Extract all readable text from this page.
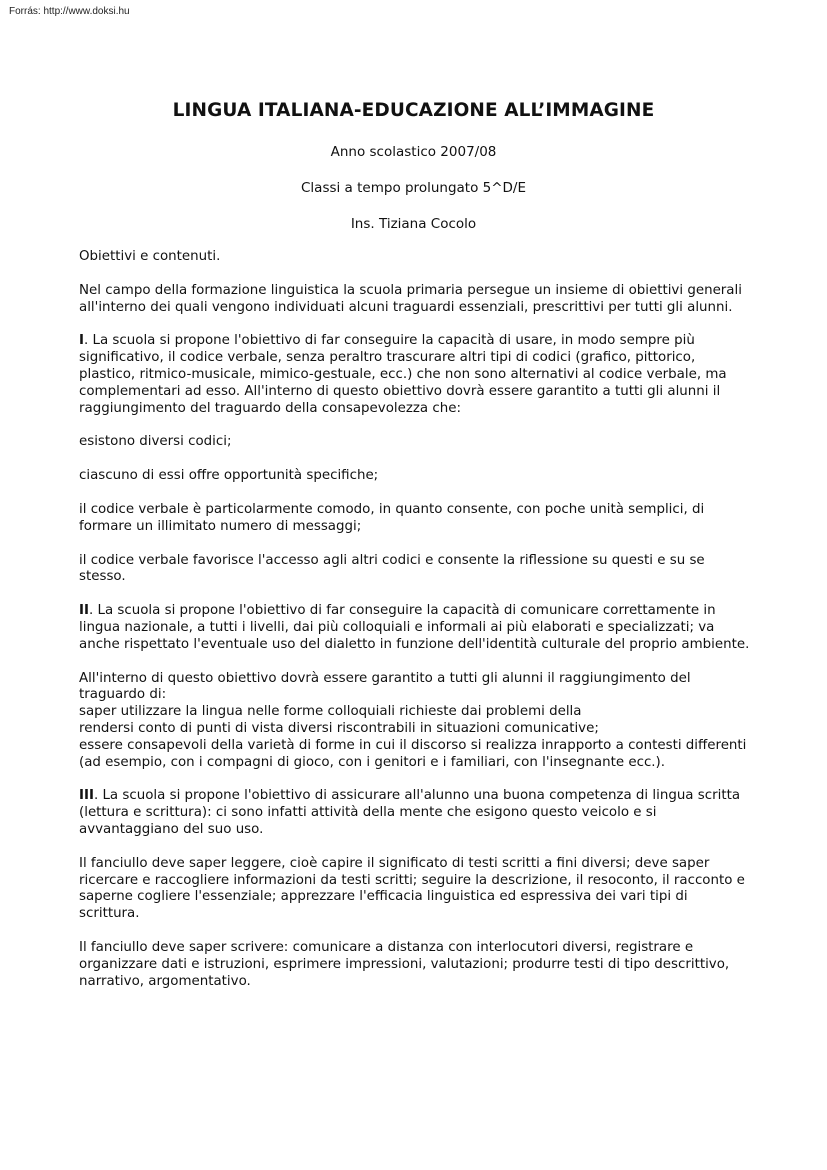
Forrás: http://www.doksi.hu
LINGUA ITALIANA-EDUCAZIONE ALL’IMMAGINE
Anno scolastico 2007/08
Classi a tempo prolungato 5^D/E
Ins. Tiziana Cocolo

Obiettivi e contenuti.

Nel campo della formazione linguistica la scuola primaria persegue un insieme di obiettivi generali all'interno dei quali vengono individuati alcuni traguardi essenziali, prescrittivi per tutti gli alunni.

I. La scuola si propone l'obiettivo di far conseguire la capacità di usare, in modo sempre più significativo, il codice verbale, senza peraltro trascurare altri tipi di codici (grafico, pittorico, plastico, ritmico-musicale, mimico-gestuale, ecc.) che non sono alternativi al codice verbale, ma complementari ad esso. All'interno di questo obiettivo dovrà essere garantito a tutti gli alunni il raggiungimento del traguardo della consapevolezza che:

esistono diversi codici;

ciascuno di essi offre opportunità specifiche;

il codice verbale è particolarmente comodo, in quanto consente, con poche unità semplici, di formare un illimitato numero di messaggi;

il codice verbale favorisce l'accesso agli altri codici e consente la riflessione su questi e su se stesso.

II. La scuola si propone l'obiettivo di far conseguire la capacità di comunicare correttamente in lingua nazionale, a tutti i livelli, dai più colloquiali e informali ai più elaborati e specializzati; va anche rispettato l'eventuale uso del dialetto in funzione dell'identità culturale del proprio ambiente.

All'interno di questo obiettivo dovrà essere garantito a tutti gli alunni il raggiungimento del traguardo di:
saper utilizzare la lingua nelle forme colloquiali richieste dai problemi della
rendersi conto di punti di vista diversi riscontrabili in situazioni comunicative;
essere consapevoli della varietà di forme in cui il discorso si realizza inrapporto a contesti differenti (ad esempio, con i compagni di gioco, con i genitori e i familiari, con l'insegnante ecc.).

III. La scuola si propone l'obiettivo di assicurare all'alunno una buona competenza di lingua scritta (lettura e scrittura): ci sono infatti attività della mente che esigono questo veicolo e si avvantaggiano del suo uso.

Il fanciullo deve saper leggere, cioè capire il significato di testi scritti a fini diversi; deve saper ricercare e raccogliere informazioni da testi scritti; seguire la descrizione, il resoconto, il racconto e saperne cogliere l'essenziale; apprezzare l'efficacia linguistica ed espressiva dei vari tipi di scrittura.

Il fanciullo deve saper scrivere: comunicare a distanza con interlocutori diversi, registrare e organizzare dati e istruzioni, esprimere impressioni, valutazioni; produrre testi di tipo descrittivo, narrativo, argomentativo.
